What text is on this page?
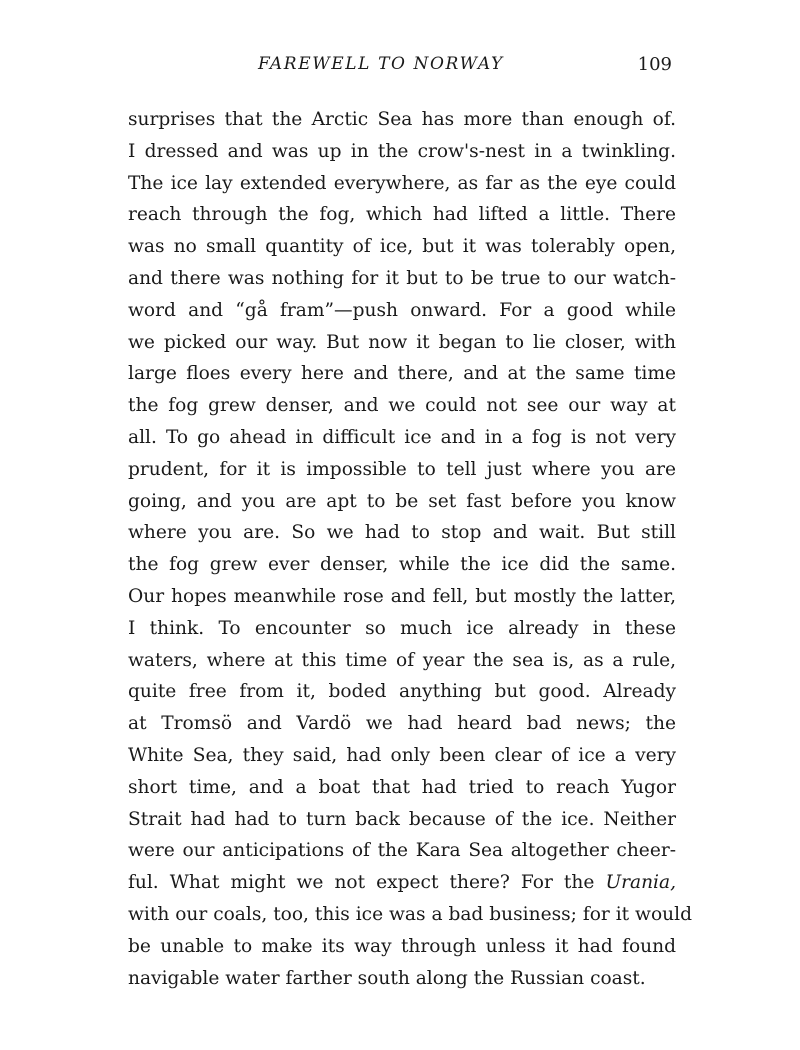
FAREWELL TO NORWAY	109
surprises that the Arctic Sea has more than enough of.
I dressed and was up in the crow's-nest in a twinkling.
The ice lay extended everywhere, as far as the eye could
reach through the fog, which had lifted a little. There
was no small quantity of ice, but it was tolerably open,
and there was nothing for it but to be true to our watch-
word and “gå fram”—push onward. For a good while
we picked our way. But now it began to lie closer, with
large floes every here and there, and at the same time
the fog grew denser, and we could not see our way at
all. To go ahead in difficult ice and in a fog is not very
prudent, for it is impossible to tell just where you are
going, and you are apt to be set fast before you know
where you are. So we had to stop and wait. But still
the fog grew ever denser, while the ice did the same.
Our hopes meanwhile rose and fell, but mostly the latter,
I think. To encounter so much ice already in these
waters, where at this time of year the sea is, as a rule,
quite free from it, boded anything but good. Already
at Tromsö and Vardö we had heard bad news; the
White Sea, they said, had only been clear of ice a very
short time, and a boat that had tried to reach Yugor
Strait had had to turn back because of the ice. Neither
were our anticipations of the Kara Sea altogether cheer-
ful. What might we not expect there? For the Urania,
with our coals, too, this ice was a bad business; for it would
be unable to make its way through unless it had found
navigable water farther south along the Russian coast.
